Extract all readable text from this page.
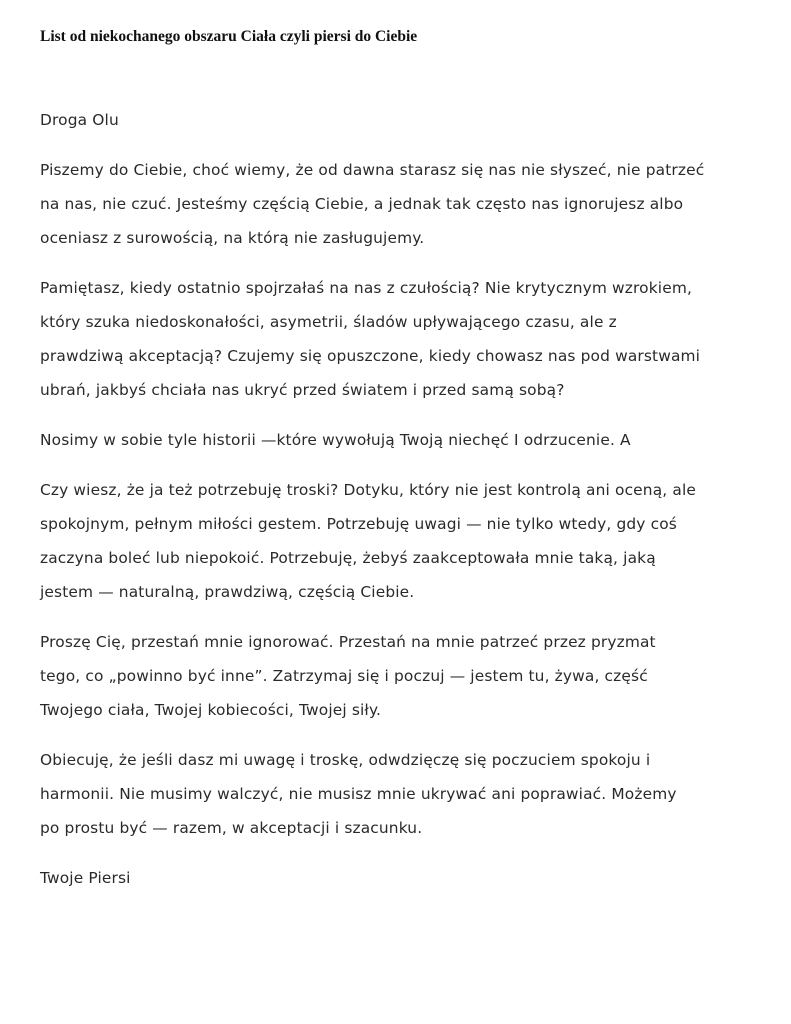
List od niekochanego obszaru Ciała czyli piersi do Ciebie
Droga Olu
Piszemy do Ciebie, choć wiemy, że od dawna starasz się nas nie słyszeć, nie patrzeć
na nas, nie czuć. Jesteśmy częścią Ciebie, a jednak tak często nas ignorujesz albo
oceniasz z surowością, na którą nie zasługujemy.
Pamiętasz, kiedy ostatnio spojrzałaś na nas z czułością? Nie krytycznym wzrokiem,
który szuka niedoskonałości, asymetrii, śladów upływającego czasu, ale z
prawdziwą akceptacją? Czujemy się opuszczone, kiedy chowasz nas pod warstwami
ubrań, jakbyś chciała nas ukryć przed światem i przed samą sobą?
Nosimy w sobie tyle historii —które wywołują Twoją niechęć I odrzucenie. A
Czy wiesz, że ja też potrzebuję troski? Dotyku, który nie jest kontrolą ani oceną, ale
spokojnym, pełnym miłości gestem. Potrzebuję uwagi — nie tylko wtedy, gdy coś
zaczyna boleć lub niepokoić. Potrzebuję, żebyś zaakceptowała mnie taką, jaką
jestem — naturalną, prawdziwą, częścią Ciebie.
Proszę Cię, przestań mnie ignorować. Przestań na mnie patrzeć przez pryzmat
tego, co „powinno być inne”. Zatrzymaj się i poczuj — jestem tu, żywa, część
Twojego ciała, Twojej kobiecości, Twojej siły.
Obiecuję, że jeśli dasz mi uwagę i troskę, odwdzięczę się poczuciem spokoju i
harmonii. Nie musimy walczyć, nie musisz mnie ukrywać ani poprawiać. Możemy
po prostu być — razem, w akceptacji i szacunku.
Twoje Piersi
